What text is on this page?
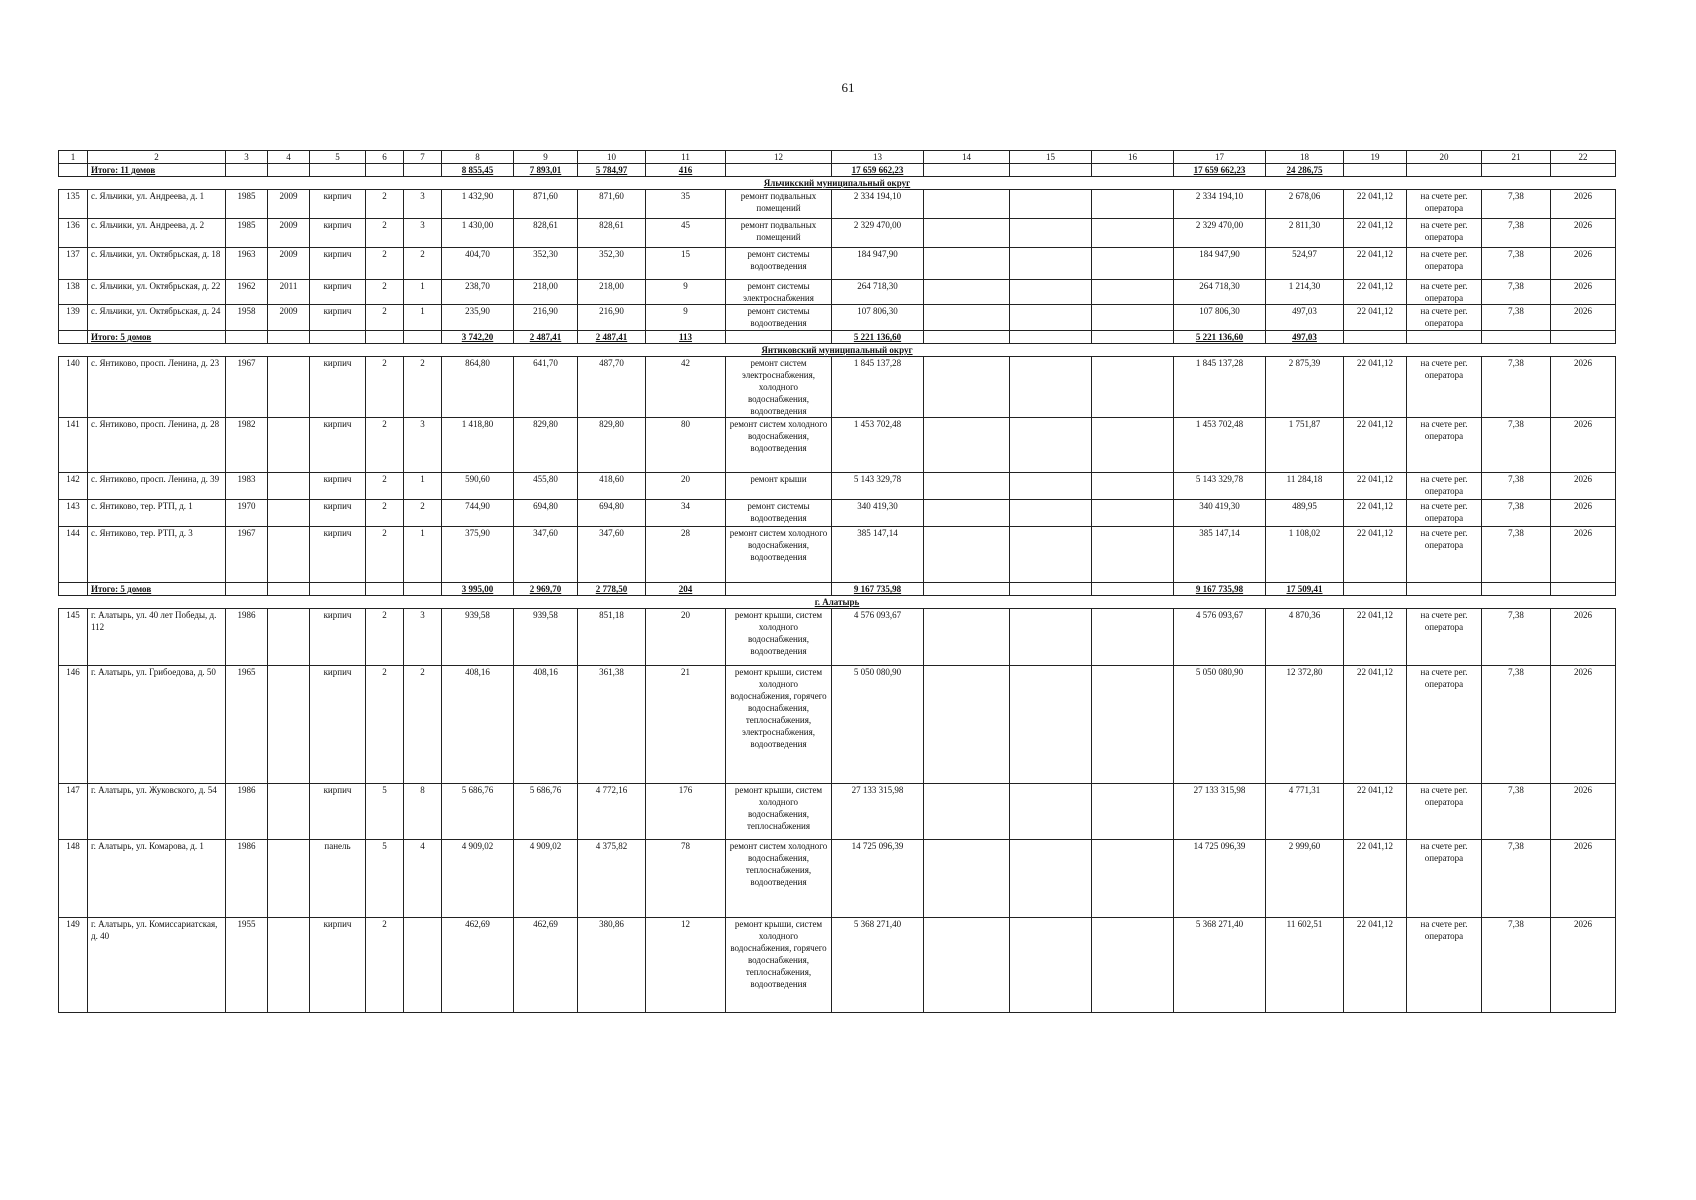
61
1	2	3	4	5	6	7	8	9	10	11	12	13	14	15	16	17	18	19	20	21	22
	Итого: 11 домов						8 855,45	7 893,01	5 784,97	416		17 659 662,23				17 659 662,23	24 286,75				
Яльчикский муниципальный округ																					
135	с. Яльчики, ул. Андреева, д. 1	1985	2009	кирпич	2	3	1 432,90	871,60	871,60	35	ремонт подвальных помещений	2 334 194,10				2 334 194,10	2 678,06	22 041,12	на счете рег. оператора	7,38	2026
136	с. Яльчики, ул. Андреева, д. 2	1985	2009	кирпич	2	3	1 430,00	828,61	828,61	45	ремонт подвальных помещений	2 329 470,00				2 329 470,00	2 811,30	22 041,12	на счете рег. оператора	7,38	2026
137	с. Яльчики, ул. Октябрьская, д. 18	1963	2009	кирпич	2	2	404,70	352,30	352,30	15	ремонт системы водоотведения	184 947,90				184 947,90	524,97	22 041,12	на счете рег. оператора	7,38	2026
138	с. Яльчики, ул. Октябрьская, д. 22	1962	2011	кирпич	2	1	238,70	218,00	218,00	9	ремонт системы электроснабжения	264 718,30				264 718,30	1 214,30	22 041,12	на счете рег. оператора	7,38	2026
139	с. Яльчики, ул. Октябрьская, д. 24	1958	2009	кирпич	2	1	235,90	216,90	216,90	9	ремонт системы водоотведения	107 806,30				107 806,30	497,03	22 041,12	на счете рег. оператора	7,38	2026
	Итого: 5 домов						3 742,20	2 487,41	2 487,41	113		5 221 136,60				5 221 136,60	497,03				
Янтиковский муниципальный округ																					
140	с. Янтиково, просп. Ленина, д. 23	1967		кирпич	2	2	864,80	641,70	487,70	42	ремонт систем электроснабжения, холодного водоснабжения, водоотведения	1 845 137,28				1 845 137,28	2 875,39	22 041,12	на счете рег. оператора	7,38	2026
141	с. Янтиково, просп. Ленина, д. 28	1982		кирпич	2	3	1 418,80	829,80	829,80	80	ремонт систем холодного водоснабжения, водоотведения	1 453 702,48				1 453 702,48	1 751,87	22 041,12	на счете рег. оператора	7,38	2026
142	с. Янтиково, просп. Ленина, д. 39	1983		кирпич	2	1	590,60	455,80	418,60	20	ремонт крыши	5 143 329,78				5 143 329,78	11 284,18	22 041,12	на счете рег. оператора	7,38	2026
143	с. Янтиково, тер. РТП, д. 1	1970		кирпич	2	2	744,90	694,80	694,80	34	ремонт системы водоотведения	340 419,30				340 419,30	489,95	22 041,12	на счете рег. оператора	7,38	2026
144	с. Янтиково, тер. РТП, д. 3	1967		кирпич	2	1	375,90	347,60	347,60	28	ремонт систем холодного водоснабжения, водоотведения	385 147,14				385 147,14	1 108,02	22 041,12	на счете рег. оператора	7,38	2026
	Итого: 5 домов						3 995,00	2 969,70	2 778,50	204		9 167 735,98				9 167 735,98	17 509,41				
г. Алатырь																					
145	г. Алатырь, ул. 40 лет Победы, д. 112	1986		кирпич	2	3	939,58	939,58	851,18	20	ремонт крыши, систем холодного водоснабжения, водоотведения	4 576 093,67				4 576 093,67	4 870,36	22 041,12	на счете рег. оператора	7,38	2026
146	г. Алатырь, ул. Грибоедова, д. 50	1965		кирпич	2	2	408,16	408,16	361,38	21	ремонт крыши, систем холодного водоснабжения, горячего водоснабжения, теплоснабжения, электроснабжения, водоотведения	5 050 080,90				5 050 080,90	12 372,80	22 041,12	на счете рег. оператора	7,38	2026
147	г. Алатырь, ул. Жуковского, д. 54	1986		кирпич	5	8	5 686,76	5 686,76	4 772,16	176	ремонт крыши, систем холодного водоснабжения, теплоснабжения	27 133 315,98				27 133 315,98	4 771,31	22 041,12	на счете рег. оператора	7,38	2026
148	г. Алатырь, ул. Комарова, д. 1	1986		панель	5	4	4 909,02	4 909,02	4 375,82	78	ремонт систем холодного водоснабжения, теплоснабжения, водоотведения	14 725 096,39				14 725 096,39	2 999,60	22 041,12	на счете рег. оператора	7,38	2026
149	г. Алатырь, ул. Комиссариатская, д. 40	1955		кирпич	2		462,69	462,69	380,86	12	ремонт крыши, систем холодного водоснабжения, горячего водоснабжения, теплоснабжения, водоотведения	5 368 271,40				5 368 271,40	11 602,51	22 041,12	на счете рег. оператора	7,38	2026
